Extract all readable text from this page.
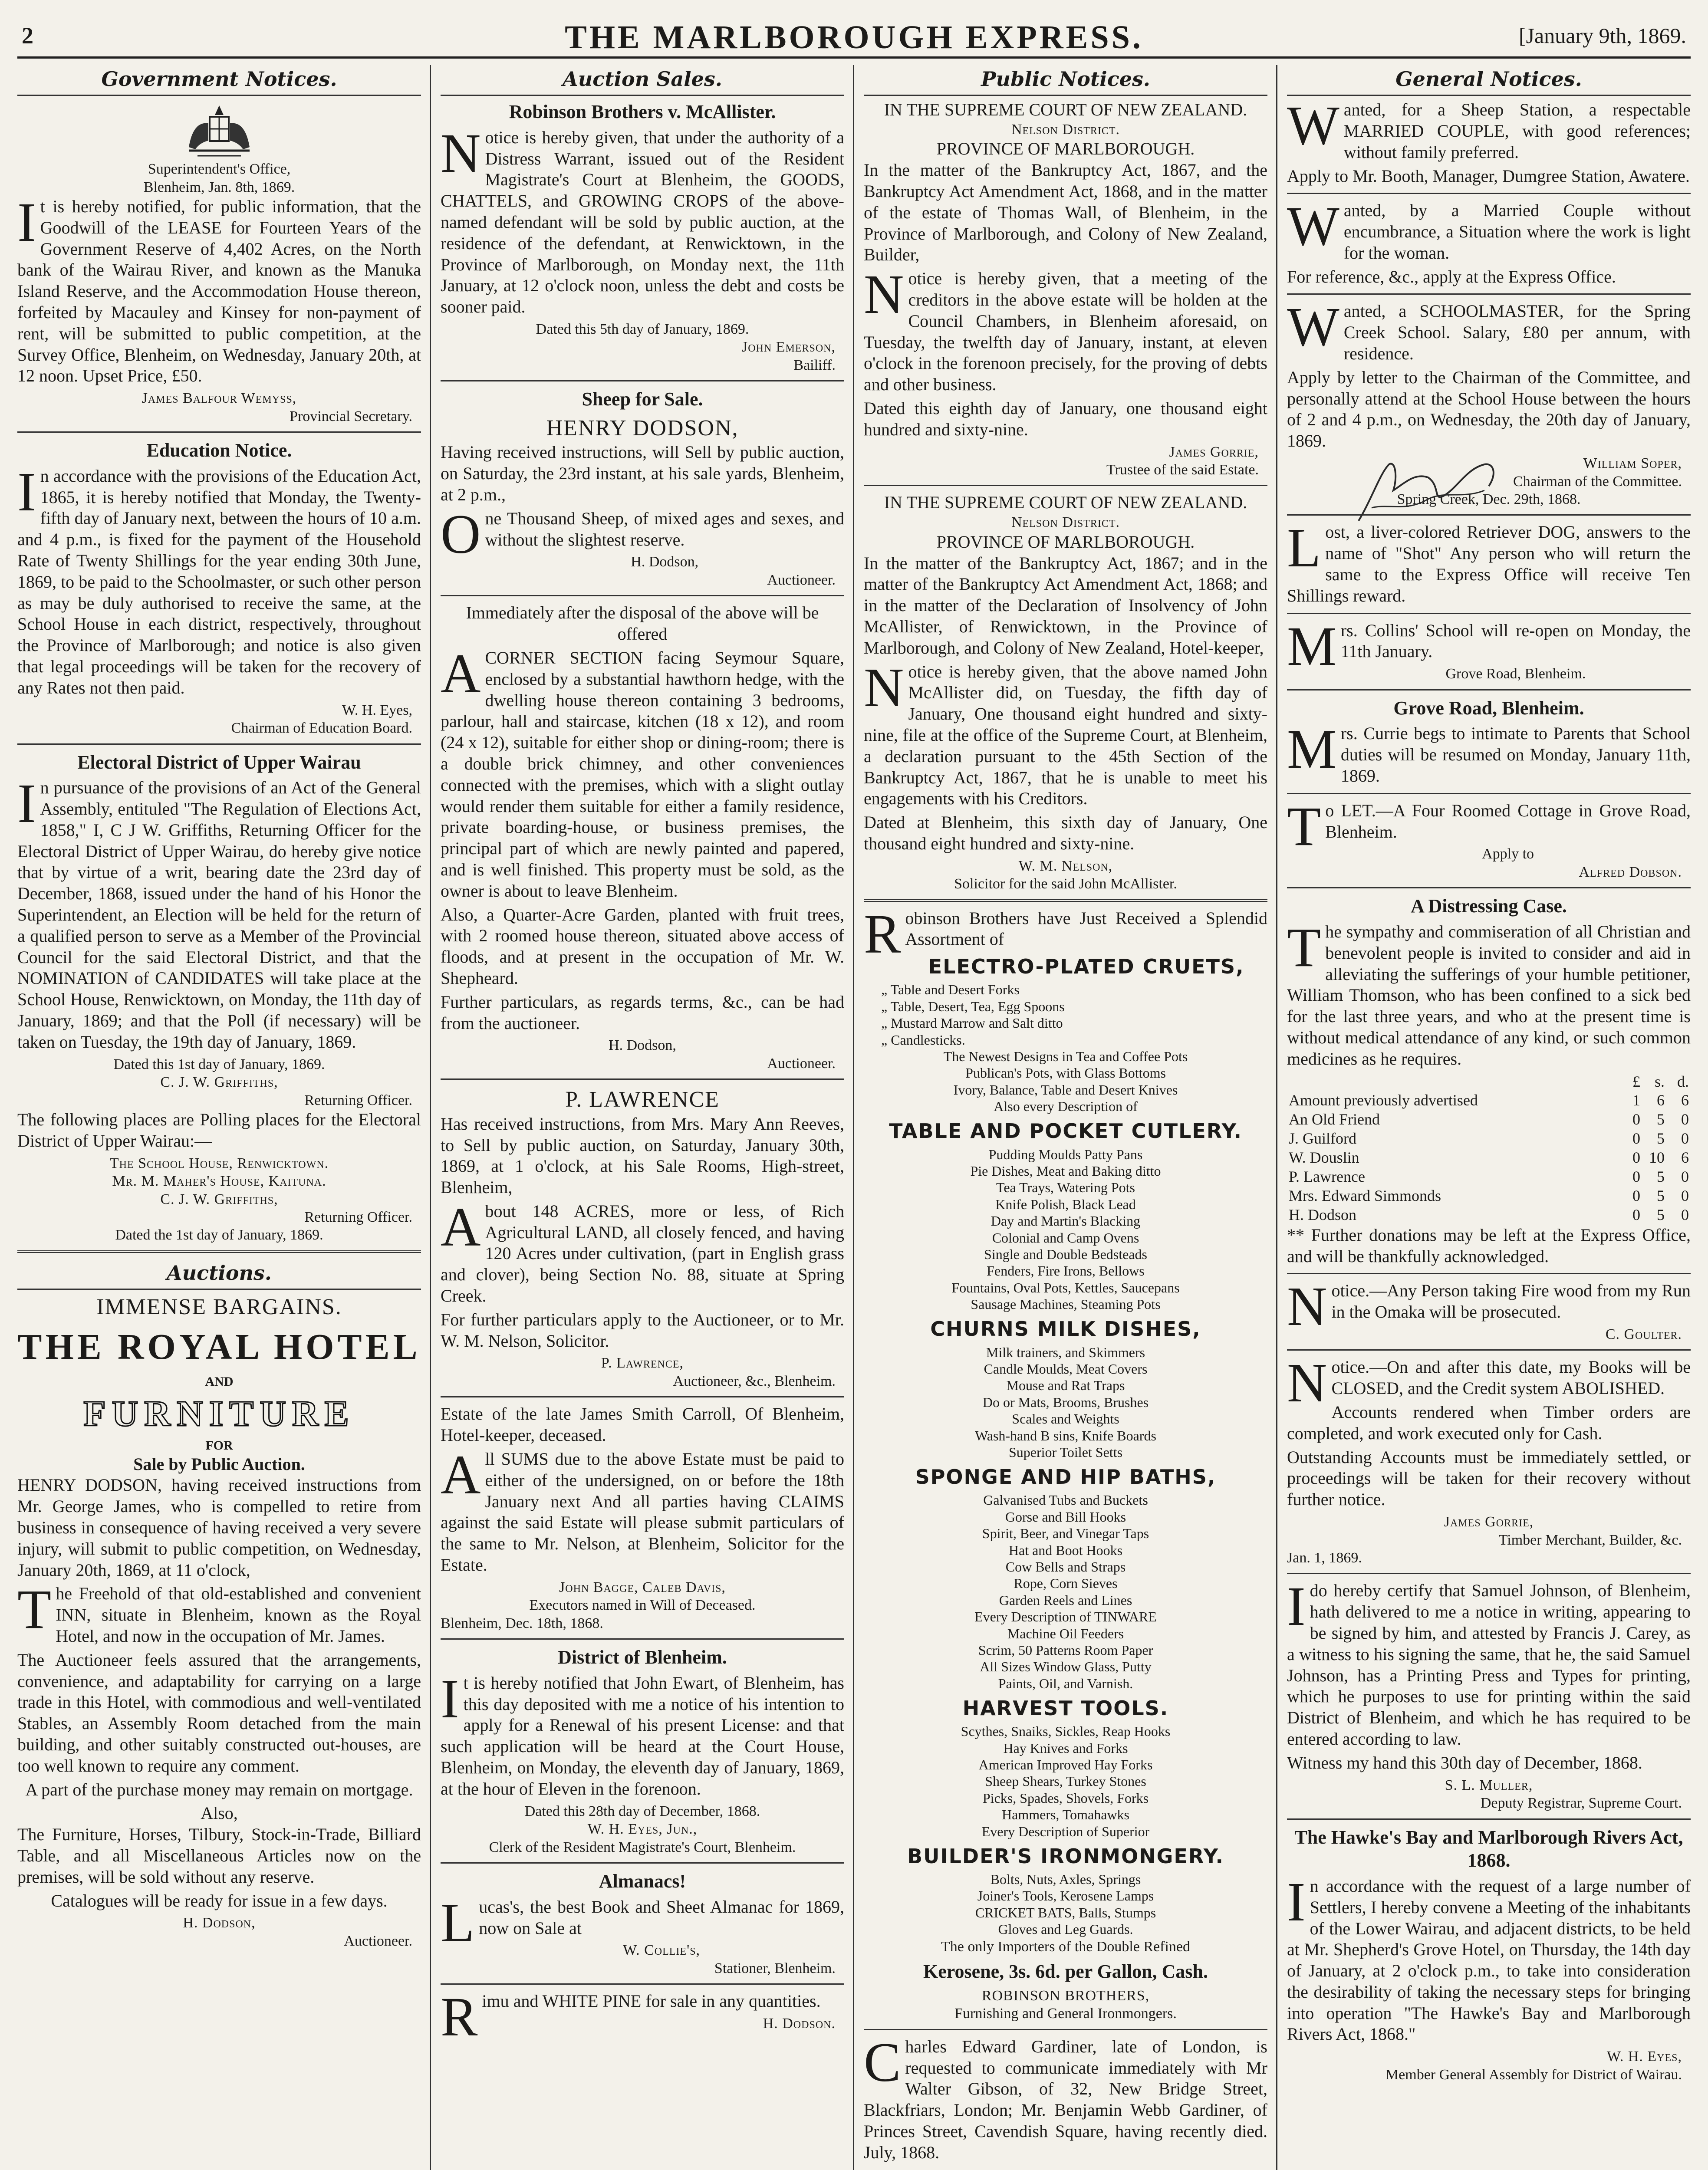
2	THE MARLBOROUGH EXPRESS.	[January 9th, 1869.
Government Notices.
Superintendent's Office,
Blenheim, Jan. 8th, 1869.

It is hereby notified, for public information, that the Goodwill of the LEASE for Fourteen Years of the Government Reserve of 4,402 Acres, on the North bank of the Wairau River, and known as the Manuka Island Reserve, and the Accommodation House thereon, forfeited by Macauley and Kinsey for non-payment of rent, will be submitted to public competition, at the Survey Office, Blenheim, on Wednesday, January 20th, at 12 noon. Upset Price, £50.

James Balfour Wemyss,
Provincial Secretary.
Education Notice.

In accordance with the provisions of the Education Act, 1865, it is hereby notified that Monday, the Twenty-fifth day of January next, between the hours of 10 a.m. and 4 p.m., is fixed for the payment of the Household Rate of Twenty Shillings for the year ending 30th June, 1869, to be paid to the Schoolmaster, or such other person as may be duly authorised to receive the same, at the School House in each district, respectively, throughout the Province of Marlborough; and notice is also given that legal proceedings will be taken for the recovery of any Rates not then paid.

W. H. Eyes,
Chairman of Education Board.
Electoral District of Upper Wairau

In pursuance of the provisions of an Act of the General Assembly, entituled "The Regulation of Elections Act, 1858," I, C J W. Griffiths, Returning Officer for the Electoral District of Upper Wairau, do hereby give notice that by virtue of a writ, bearing date the 23rd day of December, 1868, issued under the hand of his Honor the Superintendent, an Election will be held for the return of a qualified person to serve as a Member of the Provincial Council for the said Electoral District, and that the NOMINATION of CANDIDATES will take place at the School House, Renwicktown, on Monday, the 11th day of January, 1869; and that the Poll (if necessary) will be taken on Tuesday, the 19th day of January, 1869.

Dated this 1st day of January, 1869.
C. J. W. Griffiths,
Returning Officer.

The following places are Polling places for the Electoral District of Upper Wairau:—

The School House, Renwicktown.
Mr. M. Maher's House, Kaituna.
C. J. W. Griffiths,
Returning Officer.
Dated the 1st day of January, 1869.
Auctions.
IMMENSE BARGAINS.
THE ROYAL HOTEL
AND
FURNITURE
FOR
Sale by Public Auction.

HENRY DODSON, having received instructions from Mr. George James, who is compelled to retire from business in consequence of having received a very severe injury, will submit to public competition, on Wednesday, January 20th, 1869, at 11 o'clock,

The Freehold of that old-established and convenient INN, situate in Blenheim, known as the Royal Hotel, and now in the occupation of Mr. James.

The Auctioneer feels assured that the arrangements, convenience, and adaptability for carrying on a large trade in this Hotel, with commodious and well-ventilated Stables, an Assembly Room detached from the main building, and other suitably constructed out-houses, are too well known to require any comment.

A part of the purchase money may remain on mortgage.

Also,

The Furniture, Horses, Tilbury, Stock-in-Trade, Billiard Table, and all Miscellaneous Articles now on the premises, will be sold without any reserve.

Catalogues will be ready for issue in a few days.

H. Dodson,
Auctioneer.
Auction Sales.
Robinson Brothers v. McAllister.

Notice is hereby given, that under the authority of a Distress Warrant, issued out of the Resident Magistrate's Court at Blenheim, the GOODS, CHATTELS, and GROWING CROPS of the above-named defendant will be sold by public auction, at the residence of the defendant, at Renwicktown, in the Province of Marlborough, on Monday next, the 11th January, at 12 o'clock noon, unless the debt and costs be sooner paid.

Dated this 5th day of January, 1869.
John Emerson,
Bailiff.
Sheep for Sale.
HENRY DODSON,

Having received instructions, will Sell by public auction, on Saturday, the 23rd instant, at his sale yards, Blenheim, at 2 p.m.,

One Thousand Sheep, of mixed ages and sexes, and without the slightest reserve.

H. Dodson,
Auctioneer.

Immediately after the disposal of the above will be offered

ACORNER SECTION facing Seymour Square, enclosed by a substantial hawthorn hedge, with the dwelling house thereon containing 3 bedrooms, parlour, hall and staircase, kitchen (18 x 12), and room (24 x 12), suitable for either shop or dining-room; there is a double brick chimney, and other conveniences connected with the premises, which with a slight outlay would render them suitable for either a family residence, private boarding-house, or business premises, the principal part of which are newly painted and papered, and is well finished. This property must be sold, as the owner is about to leave Blenheim.

Also, a Quarter-Acre Garden, planted with fruit trees, with 2 roomed house thereon, situated above access of floods, and at present in the occupation of Mr. W. Shepheard.

Further particulars, as regards terms, &c., can be had from the auctioneer.

H. Dodson,
Auctioneer.
P. LAWRENCE

Has received instructions, from Mrs. Mary Ann Reeves, to Sell by public auction, on Saturday, January 30th, 1869, at 1 o'clock, at his Sale Rooms, High-street, Blenheim,

About 148 ACRES, more or less, of Rich Agricultural LAND, all closely fenced, and having 120 Acres under cultivation, (part in English grass and clover), being Section No. 88, situate at Spring Creek.

For further particulars apply to the Auctioneer, or to Mr. W. M. Nelson, Solicitor.

P. Lawrence,
Auctioneer, &c., Blenheim.

Estate of the late James Smith Carroll, Of Blenheim, Hotel-keeper, deceased.

All SUMS due to the above Estate must be paid to either of the undersigned, on or before the 18th January next And all parties having CLAIMS against the said Estate will please submit particulars of the same to Mr. Nelson, at Blenheim, Solicitor for the Estate.

John Bagge, Caleb Davis,
Executors named in Will of Deceased.
Blenheim, Dec. 18th, 1868.
District of Blenheim.

It is hereby notified that John Ewart, of Blenheim, has this day deposited with me a notice of his intention to apply for a Renewal of his present License: and that such application will be heard at the Court House, Blenheim, on Monday, the eleventh day of January, 1869, at the hour of Eleven in the forenoon.

Dated this 28th day of December, 1868.
W. H. Eyes, Jun.,
Clerk of the Resident Magistrate's Court, Blenheim.
Almanacs!

Lucas's, the best Book and Sheet Almanac for 1869, now on Sale at

W. Collie's,
Stationer, Blenheim.

Rimu and WHITE PINE for sale in any quantities.

H. Dodson.
Public Notices.
IN THE SUPREME COURT OF NEW ZEALAND.
Nelson District.
PROVINCE OF MARLBOROUGH.

In the matter of the Bankruptcy Act, 1867, and the Bankruptcy Act Amendment Act, 1868, and in the matter of the estate of Thomas Wall, of Blenheim, in the Province of Marlborough, and Colony of New Zealand, Builder,

Notice is hereby given, that a meeting of the creditors in the above estate will be holden at the Council Chambers, in Blenheim aforesaid, on Tuesday, the twelfth day of January, instant, at eleven o'clock in the forenoon precisely, for the proving of debts and other business.

Dated this eighth day of January, one thousand eight hundred and sixty-nine.

James Gorrie,
Trustee of the said Estate.
IN THE SUPREME COURT OF NEW ZEALAND.
Nelson District.
PROVINCE OF MARLBOROUGH.

In the matter of the Bankruptcy Act, 1867; and in the matter of the Bankruptcy Act Amendment Act, 1868; and in the matter of the Declaration of Insolvency of John McAllister, of Renwicktown, in the Province of Marlborough, and Colony of New Zealand, Hotel-keeper,

Notice is hereby given, that the above named John McAllister did, on Tuesday, the fifth day of January, One thousand eight hundred and sixty-nine, file at the office of the Supreme Court, at Blenheim, a declaration pursuant to the 45th Section of the Bankruptcy Act, 1867, that he is unable to meet his engagements with his Creditors.

Dated at Blenheim, this sixth day of January, One thousand eight hundred and sixty-nine.

W. M. Nelson,
Solicitor for the said John McAllister.

Robinson Brothers have Just Received a Splendid Assortment of

ELECTRO-PLATED CRUETS,
„ Table and Desert Forks
„ Table, Desert, Tea, Egg Spoons
„ Mustard Marrow and Salt ditto
„ Candlesticks.
The Newest Designs in Tea and Coffee Pots
Publican's Pots, with Glass Bottoms
Ivory, Balance, Table and Desert Knives
Also every Description of
TABLE AND POCKET CUTLERY.
Pudding Moulds Patty Pans
Pie Dishes, Meat and Baking ditto
Tea Trays, Watering Pots
Knife Polish, Black Lead
Day and Martin's Blacking
Colonial and Camp Ovens
Single and Double Bedsteads
Fenders, Fire Irons, Bellows
Fountains, Oval Pots, Kettles, Saucepans
Sausage Machines, Steaming Pots
CHURNS MILK DISHES,
Milk trainers, and Skimmers
Candle Moulds, Meat Covers
Mouse and Rat Traps
Do or Mats, Brooms, Brushes
Scales and Weights
Wash-hand B sins, Knife Boards
Superior Toilet Setts
SPONGE AND HIP BATHS,
Galvanised Tubs and Buckets
Gorse and Bill Hooks
Spirit, Beer, and Vinegar Taps
Hat and Boot Hooks
Cow Bells and Straps
Rope, Corn Sieves
Garden Reels and Lines
Every Description of TINWARE
Machine Oil Feeders
Scrim, 50 Patterns Room Paper
All Sizes Window Glass, Putty
Paints, Oil, and Varnish.
HARVEST TOOLS.
Scythes, Snaiks, Sickles, Reap Hooks
Hay Knives and Forks
American Improved Hay Forks
Sheep Shears, Turkey Stones
Picks, Spades, Shovels, Forks
Hammers, Tomahawks
Every Description of Superior
BUILDER'S IRONMONGERY.
Bolts, Nuts, Axles, Springs
Joiner's Tools, Kerosene Lamps
CRICKET BATS, Balls, Stumps
Gloves and Leg Guards.
The only Importers of the Double Refined
Kerosene, 3s. 6d. per Gallon, Cash.
ROBINSON BROTHERS,
Furnishing and General Ironmongers.

Charles Edward Gardiner, late of London, is requested to communicate immediately with Mr Walter Gibson, of 32, New Bridge Street, Blackfriars, London; Mr. Benjamin Webb Gardiner, of Princes Street, Cavendish Square, having recently died. July, 1868.

General Notices.

Wanted, for a Sheep Station, a respectable MARRIED COUPLE, with good references; without family preferred.

Apply to Mr. Booth, Manager, Dumgree Station, Awatere.

Wanted, by a Married Couple without encumbrance, a Situation where the work is light for the woman.

For reference, &c., apply at the Express Office.

Wanted, a SCHOOLMASTER, for the Spring Creek School. Salary, £80 per annum, with residence.

Apply by letter to the Chairman of the Committee, and personally attend at the School House between the hours of 2 and 4 p.m., on Wednesday, the 20th day of January, 1869.

William Soper,
Chairman of the Committee.
Spring Creek, Dec. 29th, 1868.

Lost, a liver-colored Retriever DOG, answers to the name of "Shot" Any person who will return the same to the Express Office will receive Ten Shillings reward.

Mrs. Collins' School will re-open on Monday, the 11th January.

Grove Road, Blenheim.
Grove Road, Blenheim.

Mrs. Currie begs to intimate to Parents that School duties will be resumed on Monday, January 11th, 1869.

To LET.—A Four Roomed Cottage in Grove Road, Blenheim.

Apply to
Alfred Dobson.
A Distressing Case.

The sympathy and commiseration of all Christian and benevolent people is invited to consider and aid in alleviating the sufferings of your humble petitioner, William Thomson, who has been confined to a sick bed for the last three years, and who at the present time is without medical attendance of any kind, or such common medicines as he requires.

	£	s.	d.
Amount previously advertised	1	6	6
An Old Friend	0	5	0
J. Guilford	0	5	0
W. Douslin	0	10	6
P. Lawrence	0	5	0
Mrs. Edward Simmonds	0	5	0
H. Dodson	0	5	0

** Further donations may be left at the Express Office, and will be thankfully acknowledged.

Notice.—Any Person taking Fire wood from my Run in the Omaka will be prosecuted.

C. Goulter.

Notice.—On and after this date, my Books will be CLOSED, and the Credit system ABOLISHED.

Accounts rendered when Timber orders are completed, and work executed only for Cash.

Outstanding Accounts must be immediately settled, or proceedings will be taken for their recovery without further notice.

James Gorrie,
Timber Merchant, Builder, &c.
Jan. 1, 1869.

Ido hereby certify that Samuel Johnson, of Blenheim, hath delivered to me a notice in writing, appearing to be signed by him, and attested by Francis J. Carey, as a witness to his signing the same, that he, the said Samuel Johnson, has a Printing Press and Types for printing, which he purposes to use for printing within the said District of Blenheim, and which he has required to be entered according to law.

Witness my hand this 30th day of December, 1868.

S. L. Muller,
Deputy Registrar, Supreme Court.
The Hawke's Bay and Marlborough Rivers Act, 1868.

In accordance with the request of a large number of Settlers, I hereby convene a Meeting of the inhabitants of the Lower Wairau, and adjacent districts, to be held at Mr. Shepherd's Grove Hotel, on Thursday, the 14th day of January, at 2 o'clock p.m., to take into consideration the desirability of taking the necessary steps for bringing into operation "The Hawke's Bay and Marlborough Rivers Act, 1868."

W. H. Eyes,
Member General Assembly for District of Wairau.
